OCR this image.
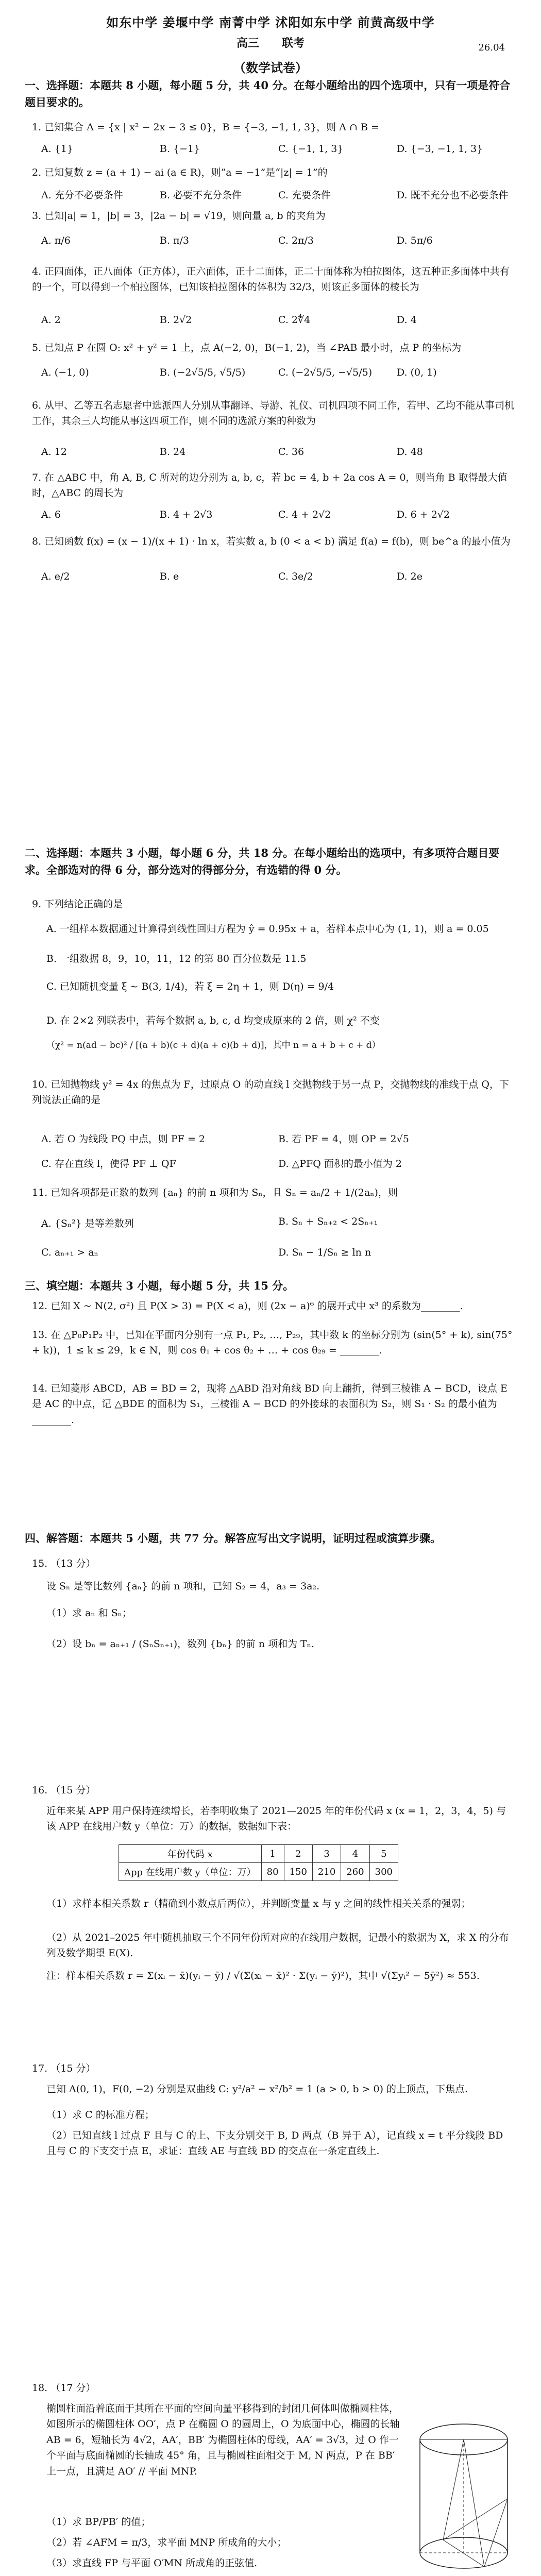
如东中学 姜堰中学 南菁中学 沭阳如东中学 前黄高级中学
高三　　联考	26.04
（数学试卷）
一、选择题：本题共 8 小题，每小题 5 分，共 40 分。在每小题给出的四个选项中，只有一项是符合题目要求的。
1. 已知集合 A = {x | x² − 2x − 3 ≤ 0}，B = {−3, −1, 1, 3}，则 A ∩ B =
A. {1}	B. {−1}	C. {−1, 1, 3}	D. {−3, −1, 1, 3}
2. 已知复数 z = (a + 1) − ai (a ∈ R)，则“a = −1”是“|z| = 1”的
A. 充分不必要条件	B. 必要不充分条件	C. 充要条件	D. 既不充分也不必要条件
3. 已知|a| = 1，|b| = 3，|2a − b| = √19，则向量 a, b 的夹角为
A. π/6	B. π/3	C. 2π/3	D. 5π/6
4. 正四面体，正八面体（正方体），正六面体，正十二面体，正二十面体称为柏拉图体，这五种正多面体中共有的一个，可以得到一个柏拉图体，已知该柏拉图体的体积为 32/3，则该正多面体的棱长为
A. 2	B. 2√2	C. 2∜4	D. 4
5. 已知点 P 在圆 O: x² + y² = 1 上，点 A(−2, 0)，B(−1, 2)，当 ∠PAB 最小时，点 P 的坐标为
A. (−1, 0)	B. (−2√5/5, √5/5)	C. (−2√5/5, −√5/5)	D. (0, 1)
6. 从甲、乙等五名志愿者中选派四人分别从事翻译、导游、礼仪、司机四项不同工作，若甲、乙均不能从事司机工作，其余三人均能从事这四项工作，则不同的选派方案的种数为
A. 12	B. 24	C. 36	D. 48
7. 在 △ABC 中，角 A, B, C 所对的边分别为 a, b, c，若 bc = 4, b + 2a cos A = 0，则当角 B 取得最大值时，△ABC 的周长为
A. 6	B. 4 + 2√3	C. 4 + 2√2	D. 6 + 2√2
8. 已知函数 f(x) = (x − 1)/(x + 1) · ln x，若实数 a, b (0 < a < b) 满足 f(a) = f(b)，则 be^a 的最小值为
A. e/2	B. e	C. 3e/2	D. 2e
二、选择题：本题共 3 小题，每小题 6 分，共 18 分。在每小题给出的选项中，有多项符合题目要求。全部选对的得 6 分，部分选对的得部分分，有选错的得 0 分。
9. 下列结论正确的是
A. 一组样本数据通过计算得到线性回归方程为 ŷ = 0.95x + a，若样本点中心为 (1, 1)，则 a = 0.05
B. 一组数据 8，9，10，11，12 的第 80 百分位数是 11.5
C. 已知随机变量 ξ ~ B(3, 1/4)，若 ξ = 2η + 1，则 D(η) = 9/4
D. 在 2×2 列联表中，若每个数据 a, b, c, d 均变成原来的 2 倍，则 χ² 不变
（χ² = n(ad − bc)² / [(a + b)(c + d)(a + c)(b + d)]，其中 n = a + b + c + d）
10. 已知抛物线 y² = 4x 的焦点为 F，过原点 O 的动直线 l 交抛物线于另一点 P，交抛物线的准线于点 Q，下列说法正确的是
A. 若 O 为线段 PQ 中点，则 PF = 2	B. 若 PF = 4，则 OP = 2√5
C. 存在直线 l，使得 PF ⊥ QF	D. △PFQ 面积的最小值为 2
11. 已知各项都是正数的数列 {aₙ} 的前 n 项和为 Sₙ，且 Sₙ = aₙ/2 + 1/(2aₙ)，则
A. {Sₙ²} 是等差数列	B. Sₙ + Sₙ₊₂ < 2Sₙ₊₁
C. aₙ₊₁ > aₙ	D. Sₙ − 1/Sₙ ≥ ln n
三、填空题：本题共 3 小题，每小题 5 分，共 15 分。
12. 已知 X ~ N(2, σ²) 且 P(X > 3) = P(X < a)，则 (2x − a)⁶ 的展开式中 x³ 的系数为________.
13. 在 △P₀P₁P₂ 中，已知在平面内分别有一点 P₁, P₂, …, P₂₉，其中数 k 的坐标分别为 (sin(5° + k), sin(75° + k))，1 ≤ k ≤ 29，k ∈ N，则 cos θ₁ + cos θ₂ + … + cos θ₂₉ = ________.
14. 已知菱形 ABCD，AB = BD = 2，现将 △ABD 沿对角线 BD 向上翻折，得到三棱锥 A − BCD，设点 E 是 AC 的中点，记 △BDE 的面积为 S₁，三棱锥 A − BCD 的外接球的表面积为 S₂，则 S₁ · S₂ 的最小值为________.
四、解答题：本题共 5 小题，共 77 分。解答应写出文字说明，证明过程或演算步骤。
15. （13 分）
设 Sₙ 是等比数列 {aₙ} 的前 n 项和，已知 S₂ = 4，a₃ = 3a₂.
（1）求 aₙ 和 Sₙ；
（2）设 bₙ = aₙ₊₁ / (SₙSₙ₊₁)，数列 {bₙ} 的前 n 项和为 Tₙ.
16. （15 分）
近年来某 APP 用户保持连续增长，若李明收集了 2021—2025 年的年份代码 x (x = 1，2，3，4，5) 与该 APP 在线用户数 y（单位：万）的数据，数据如下表：
年份代码 x	1	2	3	4	5
App 在线用户数 y（单位：万）	80	150	210	260	300
（1）求样本相关系数 r（精确到小数点后两位），并判断变量 x 与 y 之间的线性相关关系的强弱；
（2）从 2021–2025 年中随机抽取三个不同年份所对应的在线用户数据，记最小的数据为 X，求 X 的分布列及数学期望 E(X).
注：样本相关系数 r = Σ(xᵢ − x̄)(yᵢ − ȳ) / √(Σ(xᵢ − x̄)² · Σ(yᵢ − ȳ)²)，其中 √(Σyᵢ² − 5ȳ²) ≈ 553.
17. （15 分）
已知 A(0, 1)，F(0, −2) 分别是双曲线 C: y²/a² − x²/b² = 1 (a > 0, b > 0) 的上顶点，下焦点.
（1）求 C 的标准方程；
（2）已知直线 l 过点 F 且与 C 的上、下支分别交于 B, D 两点（B 异于 A），记直线 x = t 平分线段 BD 且与 C 的下支交于点 E，求证：直线 AE 与直线 BD 的交点在一条定直线上.
18. （17 分）
椭圆柱面沿着底面于其所在平面的空间向量平移得到的封闭几何体叫做椭圆柱体，如图所示的椭圆柱体 OO′，点 P 在椭圆 O 的圆周上，O 为底面中心，椭圆的长轴 AB = 6，短轴长为 4√2，AA′，BB′ 为椭圆柱体的母线，AA′ = 3√3，过 O 作一个平面与底面椭圆的长轴成 45° 角，且与椭圆柱面相交于 M, N 两点，P 在 BB′ 上一点，且满足 AO′ // 平面 MNP.
（1）求 BP/PB′ 的值；
（2）若 ∠AFM = π/3，求平面 MNP 所成角的大小；
（3）求直线 FP 与平面 O′MN 所成角的正弦值.
